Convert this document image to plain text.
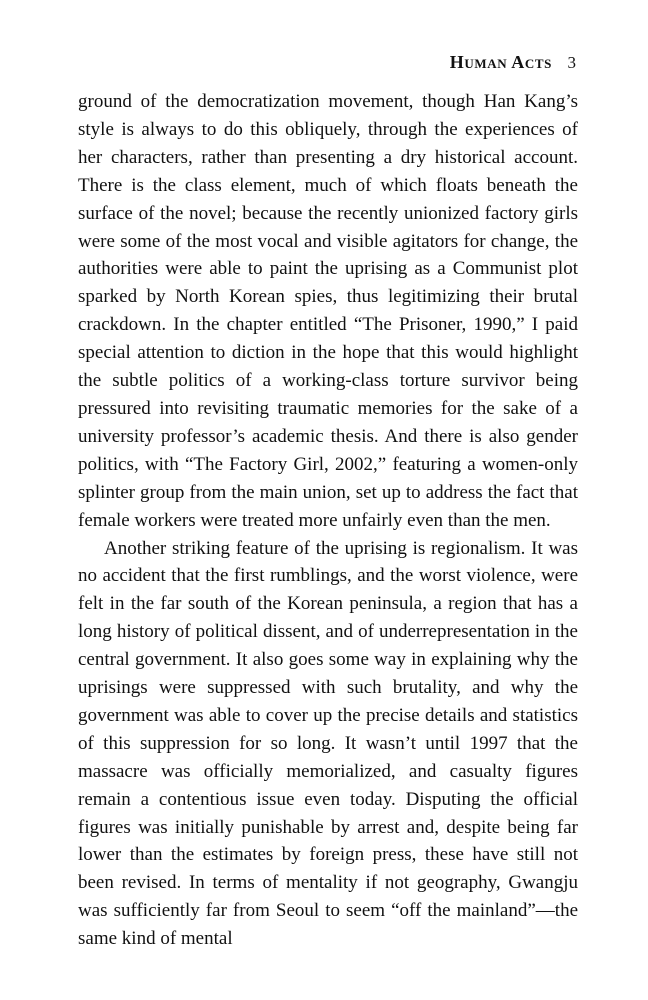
Human Acts 3

ground of the democratization movement, though Han Kang’s style is always to do this obliquely, through the experiences of her characters, rather than presenting a dry historical account. There is the class element, much of which floats beneath the surface of the novel; because the recently unionized factory girls were some of the most vocal and visible agitators for change, the authorities were able to paint the uprising as a Communist plot sparked by North Korean spies, thus legitimizing their brutal crackdown. In the chapter entitled “The Prisoner, 1990,” I paid special attention to diction in the hope that this would highlight the subtle politics of a working-class torture survivor being pressured into revisiting traumatic memories for the sake of a university professor’s academic thesis. And there is also gender politics, with “The Factory Girl, 2002,” featuring a women-only splinter group from the main union, set up to address the fact that female workers were treated more unfairly even than the men.

Another striking feature of the uprising is regionalism. It was no accident that the first rumblings, and the worst violence, were felt in the far south of the Korean peninsula, a region that has a long history of political dissent, and of underrepresentation in the central government. It also goes some way in explaining why the uprisings were suppressed with such brutality, and why the government was able to cover up the precise details and statistics of this suppression for so long. It wasn’t until 1997 that the massacre was officially memorialized, and casualty figures remain a contentious issue even today. Disputing the official figures was initially punishable by arrest and, despite being far lower than the estimates by foreign press, these have still not been revised. In terms of mentality if not geography, Gwangju was sufficiently far from Seoul to seem “off the mainland”—the same kind of mental
